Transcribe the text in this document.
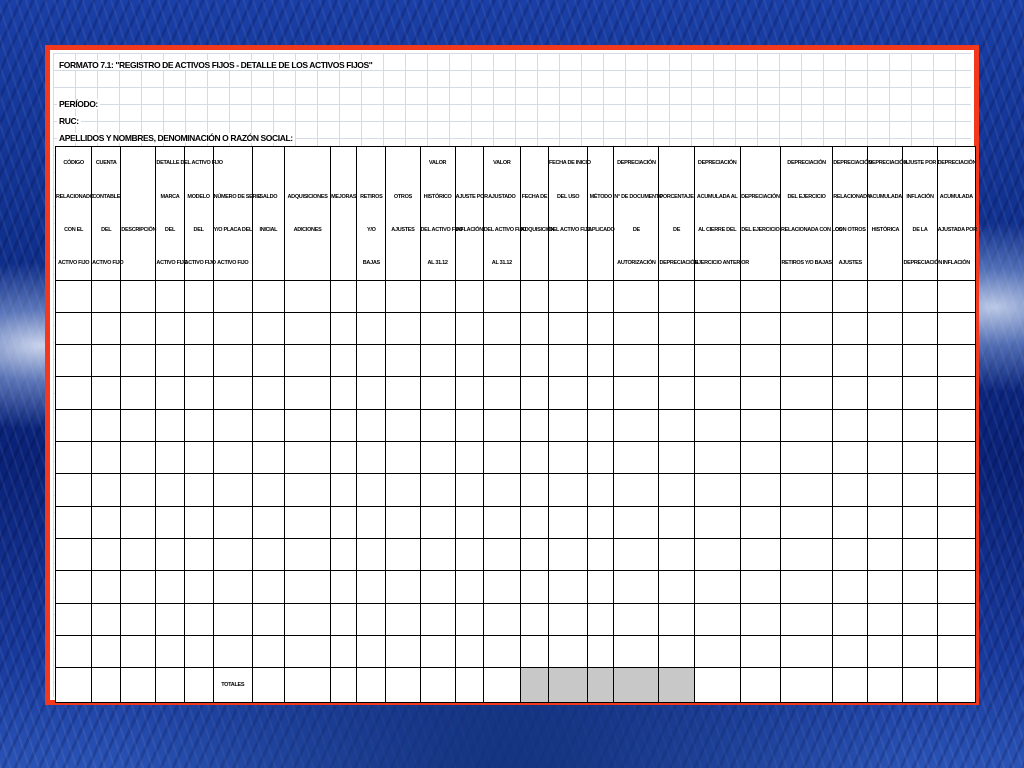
FORMATO 7.1: "REGISTRO DE ACTIVOS FIJOS - DETALLE DE LOS ACTIVOS FIJOS"
PERÍODO:
RUC:
APELLIDOS Y NOMBRES, DENOMINACIÓN O RAZÓN SOCIAL:
CÓDIGO	CUENTA		DETALLE DEL ACTIVO FIJO								VALOR		VALOR		FECHA DE INICIO		DEPRECIACIÓN		DEPRECIACIÓN		DEPRECIACIÓN	DEPRECIACIÓN	DEPRECIACIÓN	AJUSTE POR	DEPRECIACIÓN
RELACIONADO	CONTABLE		MARCA	MODELO	NÚMERO DE SERIE	SALDO	ADQUISICIONES	MEJORAS	RETIROS	OTROS	HISTÓRICO	AJUSTE POR	AJUSTADO	FECHA DE	DEL USO	MÉTODO	N° DE DOCUMENTO	PORCENTAJE	ACUMULADA AL	DEPRECIACIÓN	DEL EJERCICIO	RELACIONADA	ACUMULADA	INFLACIÓN	ACUMULADA
CON EL	DEL	DESCRIPCIÓN	DEL	DEL	Y/O PLACA DEL	INICIAL	ADICIONES		Y/O	AJUSTES	DEL ACTIVO FIJO	INFLACIÓN	DEL ACTIVO FIJO	ADQUISICIÓN	DEL ACTIVO FIJO	APLICADO	DE	DE	AL CIERRE DEL	DEL EJERCICIO	RELACIONADA CON LOS	CON OTROS	HISTÓRICA	DE LA	AJUSTADA POR
ACTIVO FIJO	ACTIVO FIJO		ACTIVO FIJO	ACTIVO FIJO	ACTIVO FIJO				BAJAS		AL 31.12		AL 31.12				AUTORIZACIÓN	DEPRECIACIÓN	EJERCICIO ANTERIOR		RETIROS Y/O BAJAS	AJUSTES		DEPRECIACIÓN	INFLACIÓN

					TOTALES																				
